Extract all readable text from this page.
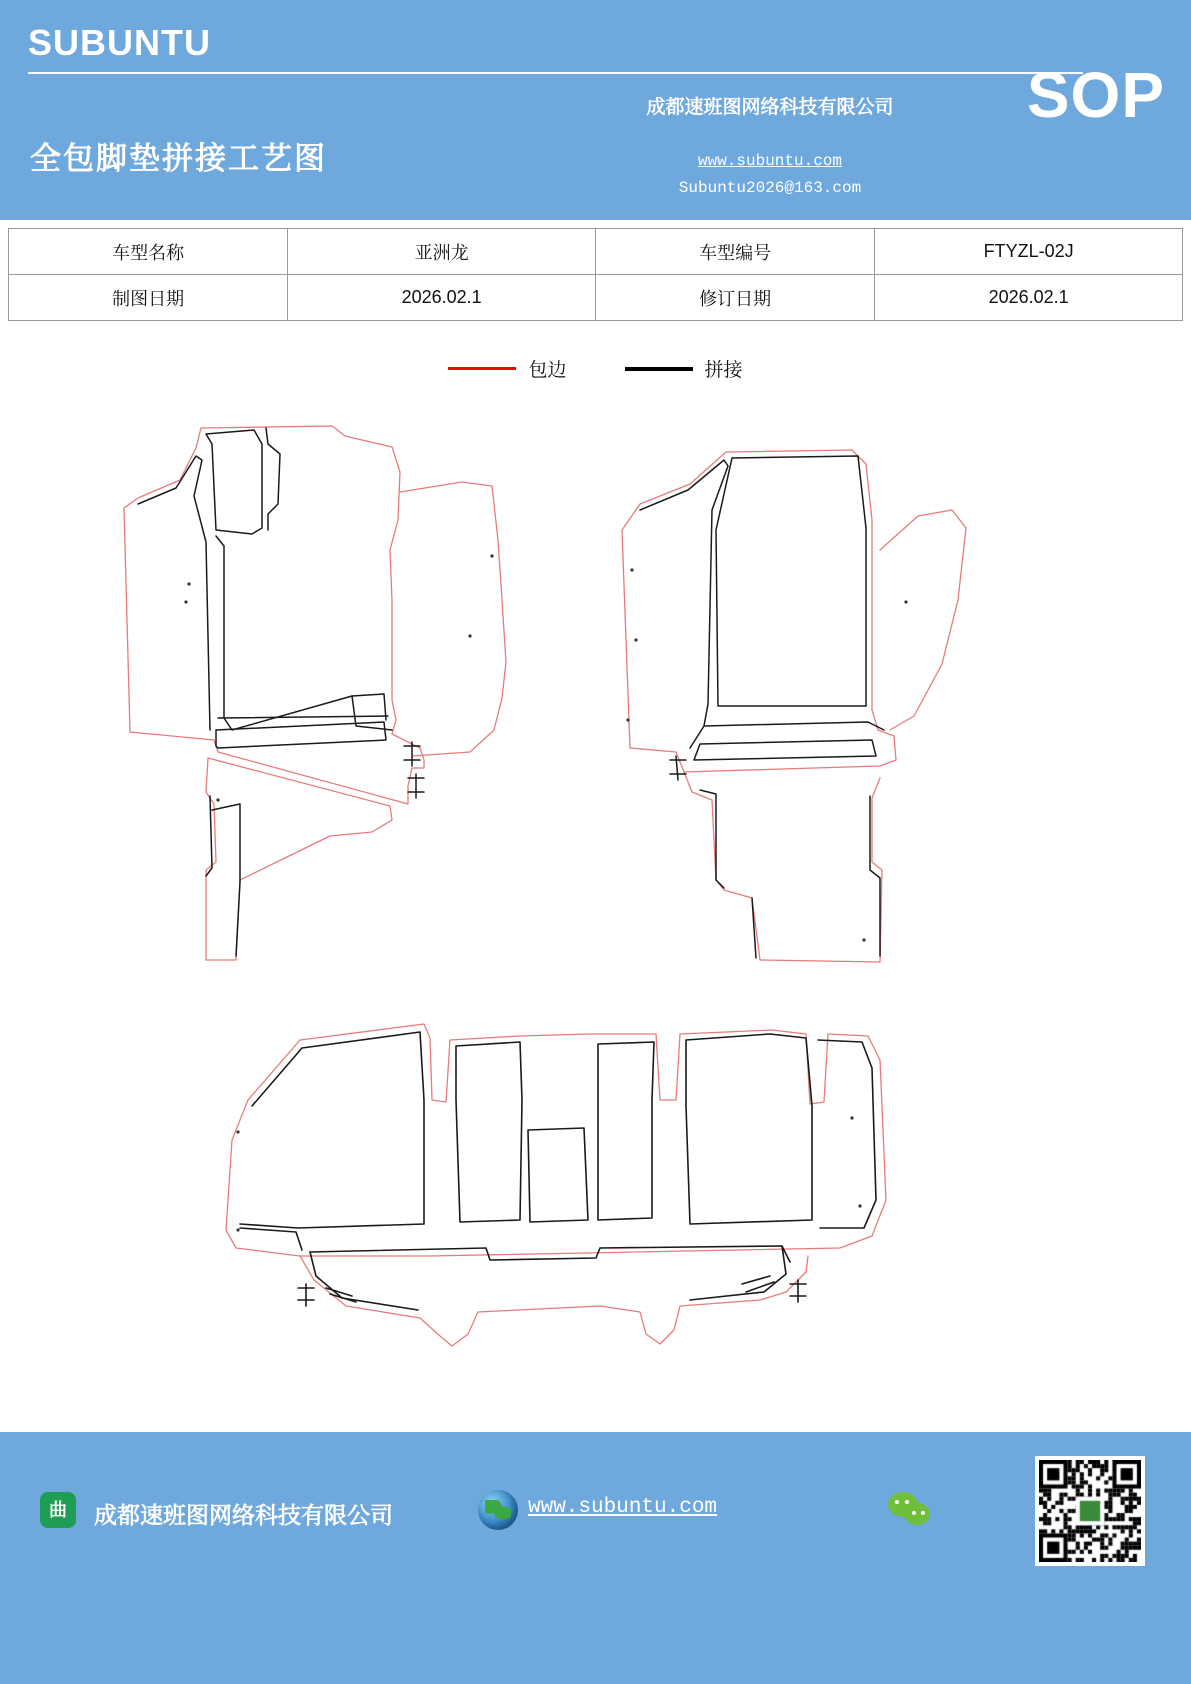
SUBUNTU
全包脚垫拼接工艺图
成都速班图网络科技有限公司
www.subuntu.com
Subuntu2026@163.com
SOP
车型名称	亚洲龙	车型编号	FTYZL-02J
制图日期	2026.02.1	修订日期	2026.02.1
包边	拼接
曲	成都速班图网络科技有限公司	www.subuntu.com
